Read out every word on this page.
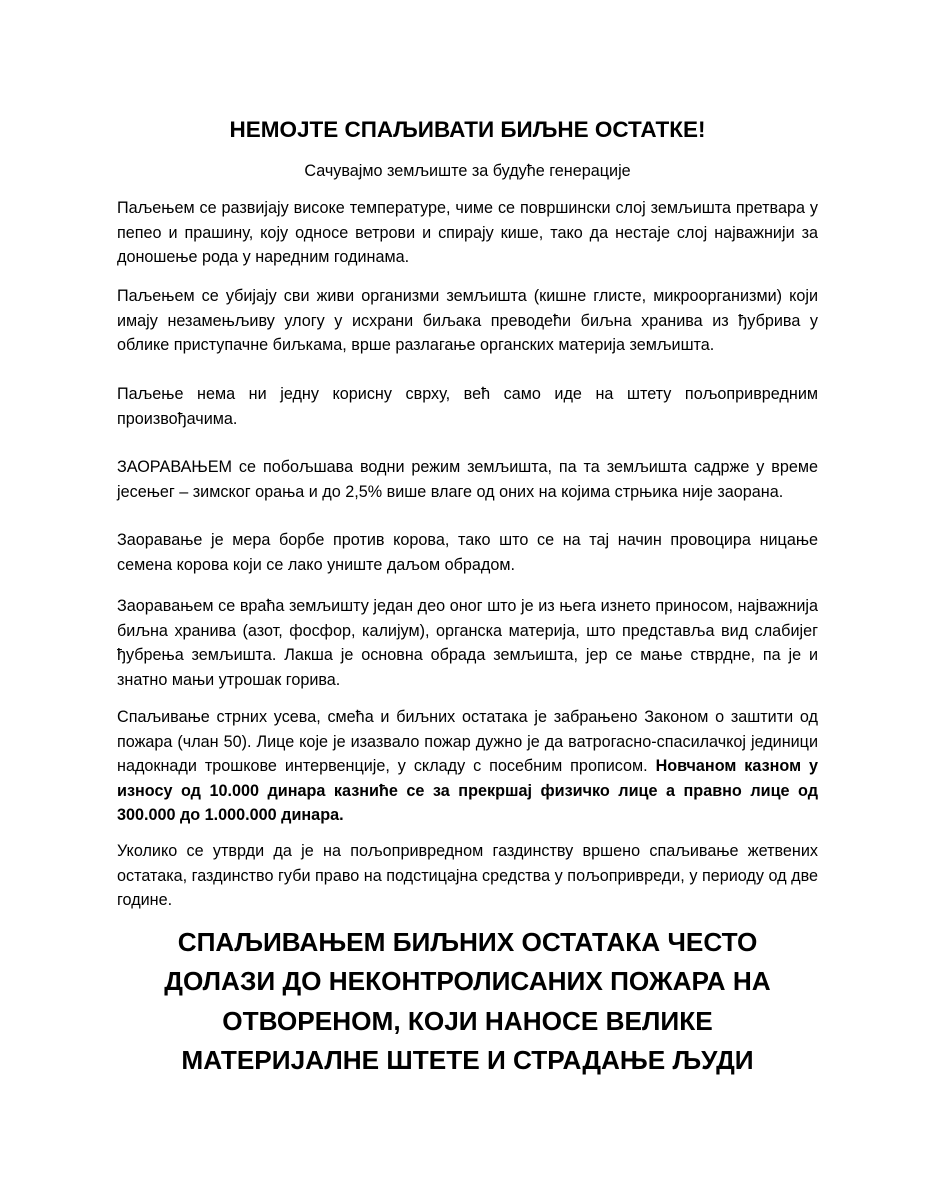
НЕМОЈТЕ СПАЉИВАТИ БИЉНЕ ОСТАТКЕ!
Сачувајмо земљиште за будуће генерације

Паљењем се развијају високе температуре, чиме се површински слој земљишта претвара у пепео и прашину, коју односе ветрови и спирају кише, тако да нестаје слој најважнији за доношење рода у наредним годинама.

Паљењем се убијају сви живи организми земљишта (кишне глисте, микроорганизми) који имају незамењљиву улогу у исхрани биљака преводећи биљна хранива из ђубрива у облике приступачне биљкама, врше разлагање органских материја земљишта.

Паљење нема ни једну корисну сврху, већ само иде на штету пољопривредним произвођачима.

ЗАОРАВАЊЕМ се побољшава водни режим земљишта, па та земљишта садрже у време јесењег – зимског орања и до 2,5% више влаге од оних на којима стрњика није заорана.

Заоравање је мера борбе против корова, тако што се на тај начин провоцира ницање семена корова који се лако униште даљом обрадом.

Заоравањем се враћа земљишту један део оног што је из њега изнето приносом, најважнија биљна хранива (азот, фосфор, калијум), органска материја, што представља вид слабијег ђубрења земљишта. Лакша је основна обрада земљишта, јер се мање стврдне, па је и знатно мањи утрошак горива.

Спаљивање стрних усева, смећа и биљних остатака је забрањено Законом о заштити од пожара (члан 50). Лице које је изазвало пожар дужно је да ватрогасно-спасилачкој јединици надокнади трошкове интервенције, у складу с посебним прописом. Новчаном казном у износу од 10.000 динара казниће се за прекршај физичко лице а правно лице од 300.000 до 1.000.000 динара.

Уколико се утврди да је на пољопривредном газдинству вршено спаљивање жетвених остатака, газдинство губи право на подстицајна средства у пољопривреди, у периоду од две године.

СПАЉИВАЊЕМ БИЉНИХ ОСТАТАКА ЧЕСТО
ДОЛАЗИ ДО НЕКОНТРОЛИСАНИХ ПОЖАРА НА
ОТВОРЕНОМ, КОЈИ НАНОСЕ ВЕЛИКЕ
МАТЕРИЈАЛНЕ ШТЕТЕ И СТРАДАЊЕ ЉУДИ
